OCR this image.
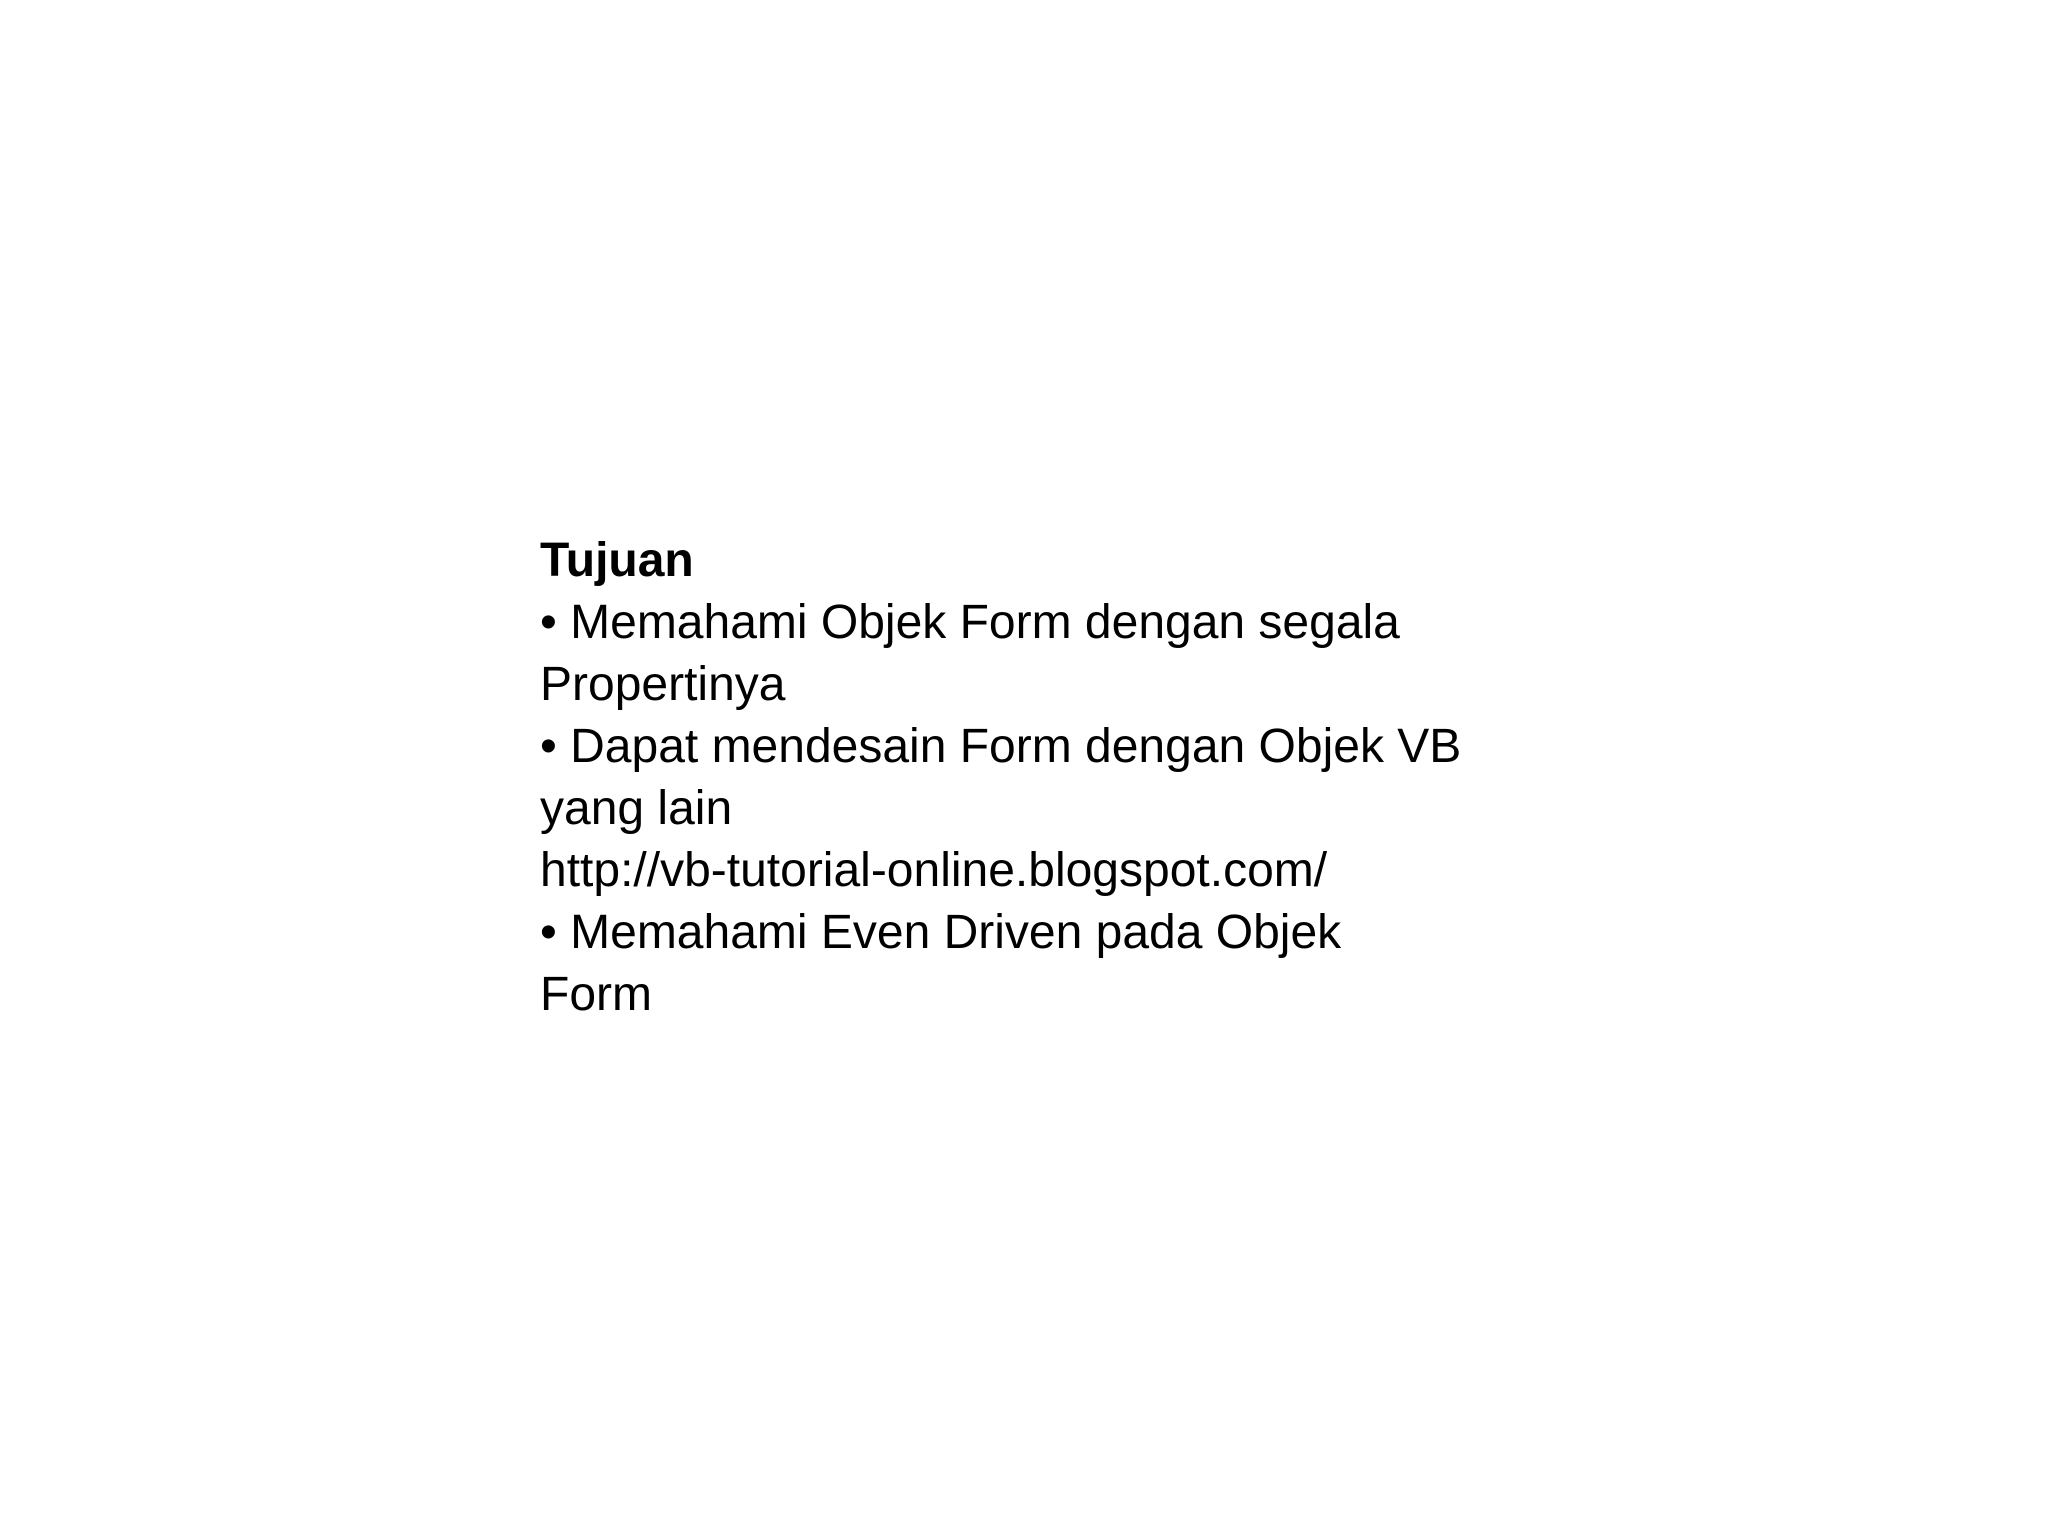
Tujuan
• Memahami Objek Form dengan segala
Propertinya
• Dapat mendesain Form dengan Objek VB
yang lain
http://vb-tutorial-online.blogspot.com/
• Memahami Even Driven pada Objek
Form
